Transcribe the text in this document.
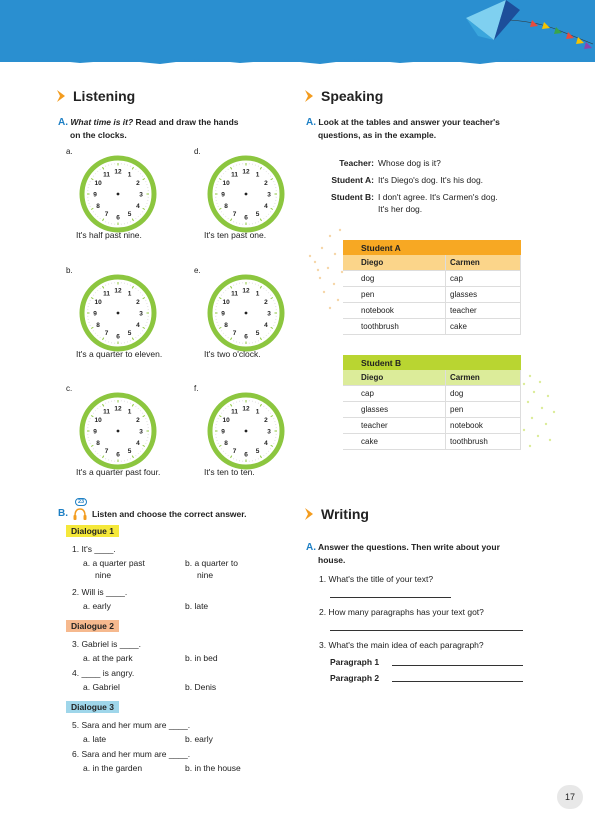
Listening
A. What time is it? Read and draw the hands
on the clocks.
a.
12 1
2
3
4
5
6
7
8
9
10
11
It's half past nine.
d.
12 1
2
3
4
5
6
7
8
9
10
11
It's ten past one.
b.
12 1
2
3
4
5
6
7
8
9
10
11
It's a quarter to eleven.
e.
12 1
2
3
4
5
6
7
8
9
10
11
It's two o'clock.
c.
12 1
2
3
4
5
6
7
8
9
10
11
It's a quarter past four.
f.
12 1
2
3
4
5
6
7
8
9
10
11
It's ten to ten.
B.	Listen and choose the correct answer.
23
Dialogue 1
1. It's ____.
a. a quarter past
nine
b. a quarter to
nine
2. Will is ____.
a. early	b. late
Dialogue 2
3. Gabriel is ____.
a. at the park	b. in bed
4. ____ is angry.
a. Gabriel	b. Denis
Dialogue 3
5. Sara and her mum are ____.
a. late	b. early
6. Sara and her mum are ____.
a. in the garden	b. in the house
Speaking
A. Look at the tables and answer your teacher's
questions, as in the example.
Teacher: Whose dog is it?
Student A: It's Diego's dog. It's his dog.
Student B: I don't agree. It's Carmen's dog.
It's her dog.
Student A
Diego	Carmen
dog	cap
pen	glasses
notebook	teacher
toothbrush	cake
Student B
Diego	Carmen
cap	dog
glasses	pen
teacher	notebook
cake	toothbrush
Writing
A. Answer the questions. Then write about your
house.
1. What's the title of your text?
2. How many paragraphs has your text got?
3. What's the main idea of each paragraph?
Paragraph 1
Paragraph 2
17
